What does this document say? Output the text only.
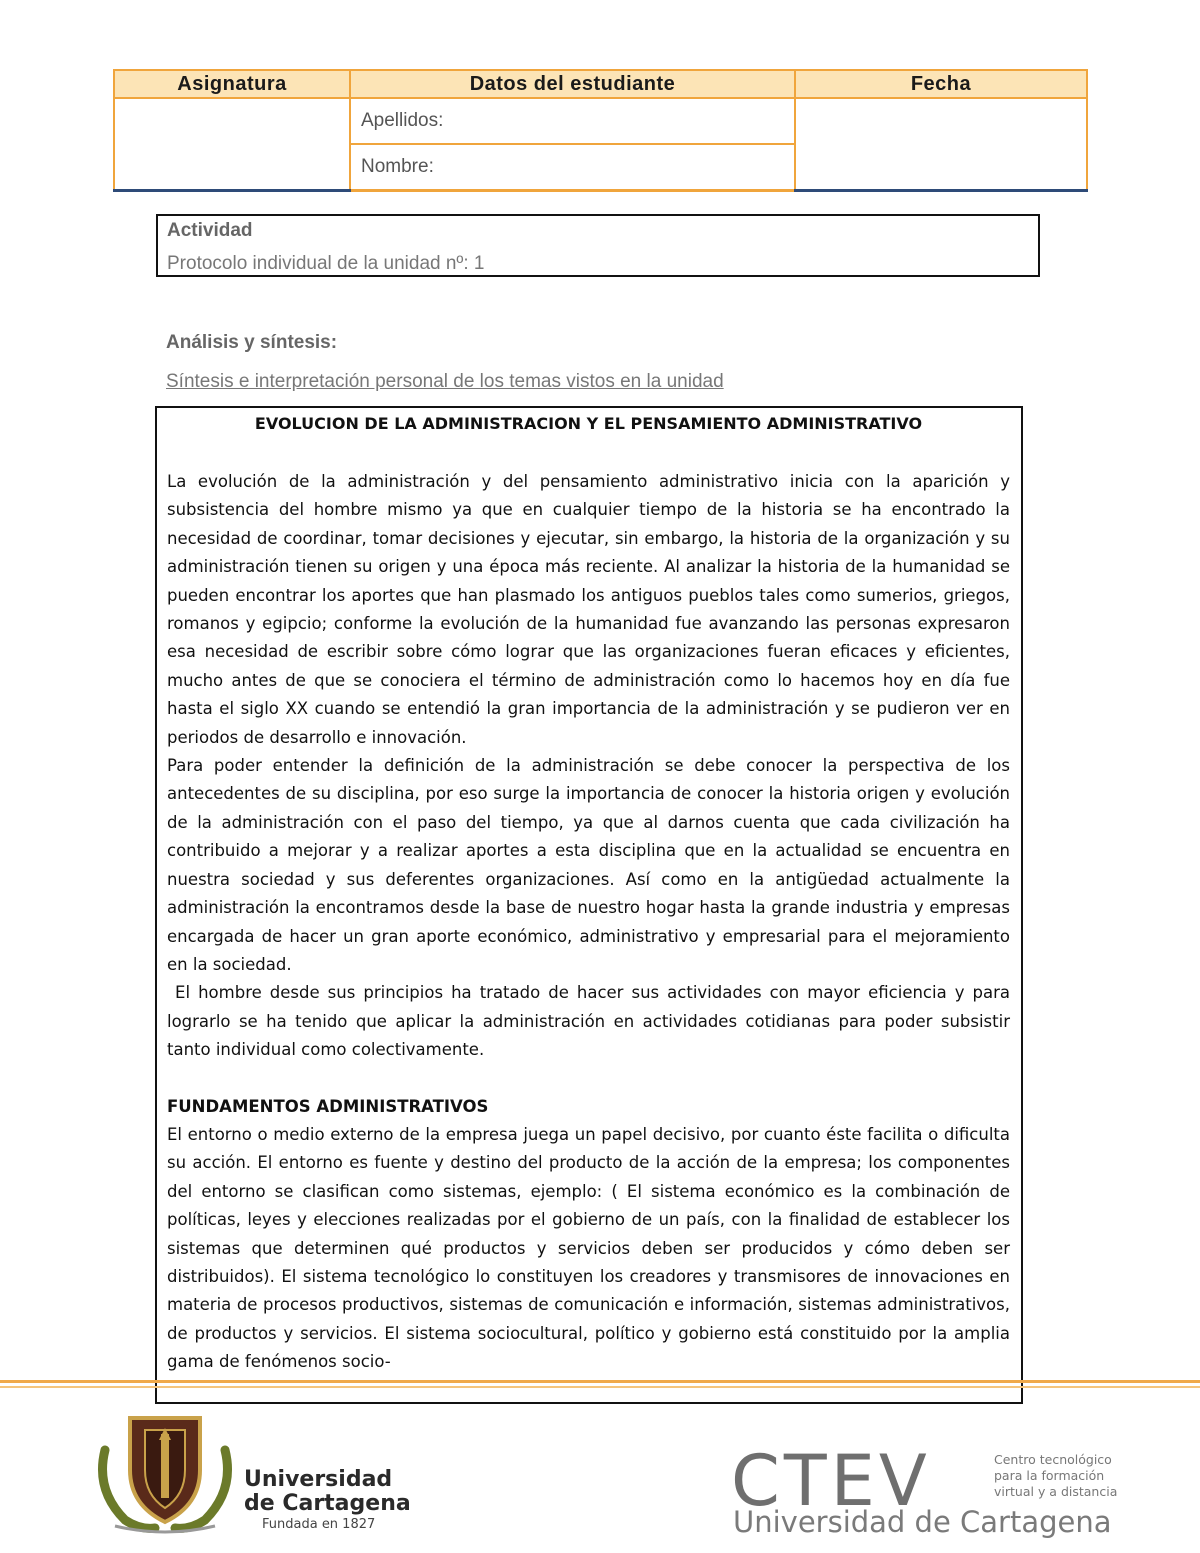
Asignatura	Datos del estudiante	Fecha
	Apellidos:	
	Nombre:	
Actividad
Protocolo individual de la unidad nº: 1
Análisis y síntesis:
Síntesis e interpretación personal de los temas vistos en la unidad
EVOLUCION DE LA ADMINISTRACION Y EL PENSAMIENTO ADMINISTRATIVO

La evolución de la administración y del pensamiento administrativo inicia con la aparición y subsistencia del hombre mismo ya que en cualquier tiempo de la historia se ha encontrado la necesidad de coordinar, tomar decisiones y ejecutar, sin embargo, la historia de la organización y su administración tienen su origen y una época más reciente. Al analizar la historia de la humanidad se pueden encontrar los aportes que han plasmado los antiguos pueblos tales como sumerios, griegos, romanos y egipcio; conforme la evolución de la humanidad fue avanzando las personas expresaron esa necesidad de escribir sobre cómo lograr que las organizaciones fueran eficaces y eficientes, mucho antes de que se conociera el término de administración como lo hacemos hoy en día fue hasta el siglo XX cuando se entendió la gran importancia de la administración y se pudieron ver en periodos de desarrollo e innovación.

Para poder entender la definición de la administración se debe conocer la perspectiva de los antecedentes de su disciplina, por eso surge la importancia de conocer la historia origen y evolución de la administración con el paso del tiempo, ya que al darnos cuenta que cada civilización ha contribuido a mejorar y a realizar aportes a esta disciplina que en la actualidad se encuentra en nuestra sociedad y sus deferentes organizaciones. Así como en la antigüedad actualmente la administración la encontramos desde la base de nuestro hogar hasta la grande industria y empresas encargada de hacer un gran aporte económico, administrativo y empresarial para el mejoramiento en la sociedad.

El hombre desde sus principios ha tratado de hacer sus actividades con mayor eficiencia y para lograrlo se ha tenido que aplicar la administración en actividades cotidianas para poder subsistir tanto individual como colectivamente.

FUNDAMENTOS ADMINISTRATIVOS

El entorno o medio externo de la empresa juega un papel decisivo, por cuanto éste facilita o dificulta su acción. El entorno es fuente y destino del producto de la acción de la empresa; los componentes del entorno se clasifican como sistemas, ejemplo: ( El sistema económico es la combinación de políticas, leyes y elecciones realizadas por el gobierno de un país, con la finalidad de establecer los sistemas que determinen qué productos y servicios deben ser producidos y cómo deben ser distribuidos). El sistema tecnológico lo constituyen los creadores y transmisores de innovaciones en materia de procesos productivos, sistemas de comunicación e información, sistemas administrativos, de productos y servicios. El sistema sociocultural, político y gobierno está constituido por la amplia gama de fenómenos socio-

Universidad
de Cartagena
Fundada en 1827
CTEV	Centro tecnológico
para la formación
virtual y a distancia
Universidad de Cartagena
